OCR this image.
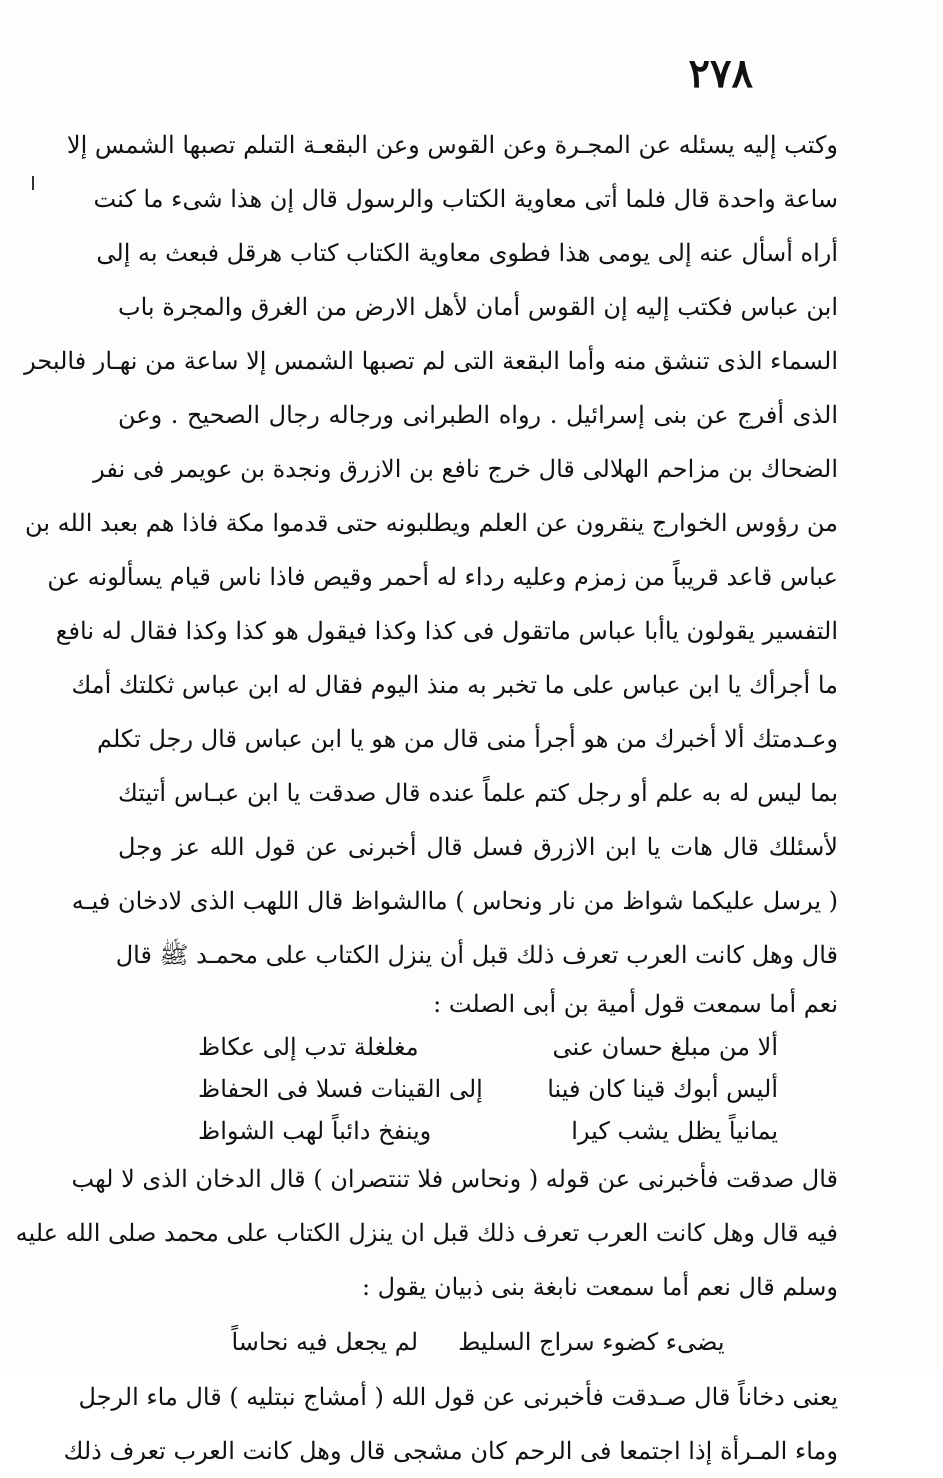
٢٧٨
وكتب إليه يسئله عن المجـرة وعن القوس وعن البقعـة التىلم تصبها الشمس إلا
ساعة واحدة قال فلما أتى معاوية الكتاب والرسول قال إن هذا شىء ما كنت
أراه أسأل عنه إلى يومى هذا فطوى معاوية الكتاب كتاب هرقل فبعث به إلى
ابن عباس فكتب إليه إن القوس أمان لأهل الارض من الغرق والمجرة باب
السماء الذى تنشق منه وأما البقعة التى لم تصبها الشمس إلا ساعة من نهـار فالبحر
الذى أفرج عن بنى إسرائيل . رواه الطبرانى ورجاله رجال الصحيح . وعن
الضحاك بن مزاحم الهلالى قال خرج نافع بن الازرق ونجدة بن عويمر فى نفر
من رؤوس الخوارج ينقرون عن العلم ويطلبونه حتى قدموا مكة فاذا هم بعبد الله بن
عباس قاعد قريباً من زمزم وعليه رداء له أحمر وقيص فاذا ناس قيام يسألونه عن
التفسير يقولون ياأبا عباس ماتقول فى كذا وكذا فيقول هو كذا وكذا فقال له نافع
ما أجرأك يا ابن عباس على ما تخبر به منذ اليوم فقال له ابن عباس ثكلتك أمك
وعـدمتك ألا أخبرك من هو أجرأ منى قال من هو يا ابن عباس قال رجل تكلم
بما ليس له به علم أو رجل كتم علماً عنده قال صدقت يا ابن عبـاس أتيتك
لأسئلك قال هات يا ابن الازرق فسل قال أخبرنى عن قول الله عز وجل
( يرسل عليكما شواظ من نار ونحاس ) ماالشواظ قال اللهب الذى لادخان فيـه
قال وهل كانت العرب تعرف ذلك قبل أن ينزل الكتاب على محمـد ﷺ قال
نعم أما سمعت قول أمية بن أبى الصلت :
ألا من مبلغ حسان عنى
مغلغلة تدب إلى عكاظ
أليس أبوك قينا كان فينا
إلى القينات فسلا فى الحفاظ
يمانياً يظل يشب كيرا
وينفخ دائباً لهب الشواظ
قال صدقت فأخبرنى عن قوله ( ونحاس فلا تنتصران ) قال الدخان الذى لا لهب
فيه قال وهل كانت العرب تعرف ذلك قبل ان ينزل الكتاب على محمد صلى الله عليه
وسلم قال نعم أما سمعت نابغة بنى ذبيان يقول :
يضىء كضوء سراج السليط
لم يجعل فيه نحاساً
يعنى دخاناً قال صـدقت فأخبرنى عن قول الله ( أمشاج نبتليه ) قال ماء الرجل
وماء المـرأة إذا اجتمعا فى الرحم كان مشجى قال وهل كانت العرب تعرف ذلك
